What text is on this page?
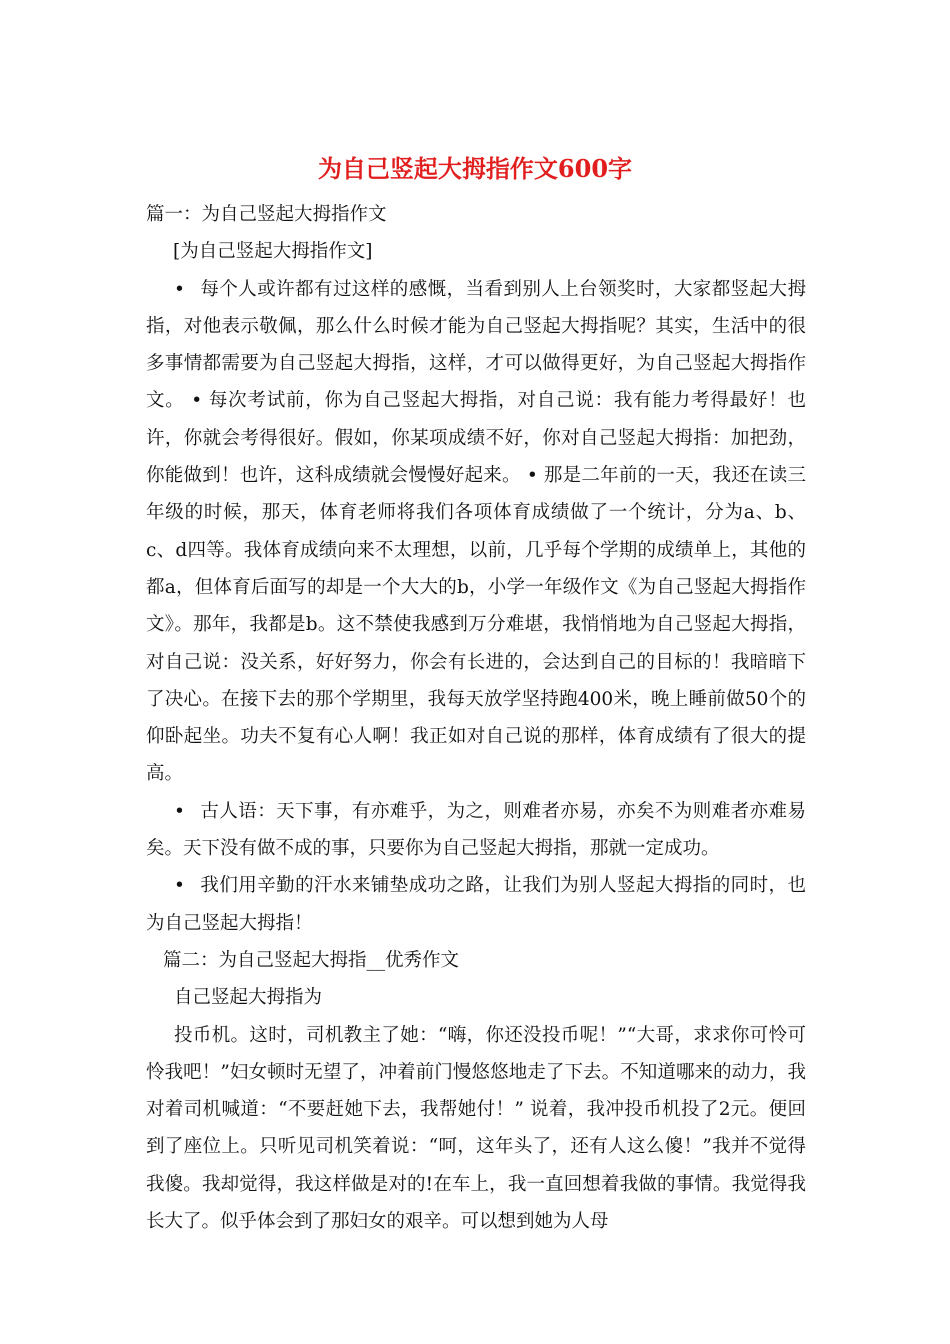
为自己竖起大拇指作文600字

篇一：为自己竖起大拇指作文

[为自己竖起大拇指作文]

• 每个人或许都有过这样的感慨，当看到别人上台领奖时，大家都竖起大拇指，对他表示敬佩，那么什么时候才能为自己竖起大拇指呢？其实，生活中的很多事情都需要为自己竖起大拇指，这样，才可以做得更好，为自己竖起大拇指作文。 • 每次考试前，你为自己竖起大拇指，对自己说：我有能力考得最好！也许，你就会考得很好。假如，你某项成绩不好，你对自己竖起大拇指：加把劲，你能做到！也许，这科成绩就会慢慢好起来。 • 那是二年前的一天，我还在读三年级的时候，那天，体育老师将我们各项体育成绩做了一个统计，分为a、b、c、d四等。我体育成绩向来不太理想，以前，几乎每个学期的成绩单上，其他的都a，但体育后面写的却是一个大大的b，小学一年级作文《为自己竖起大拇指作文》。那年，我都是b。这不禁使我感到万分难堪，我悄悄地为自己竖起大拇指，对自己说：没关系，好好努力，你会有长进的，会达到自己的目标的！我暗暗下了决心。在接下去的那个学期里，我每天放学坚持跑400米，晚上睡前做50个的仰卧起坐。功夫不复有心人啊！我正如对自己说的那样，体育成绩有了很大的提高。

• 古人语：天下事，有亦难乎，为之，则难者亦易，亦矣不为则难者亦难易矣。天下没有做不成的事，只要你为自己竖起大拇指，那就一定成功。

• 我们用辛勤的汗水来铺垫成功之路，让我们为别人竖起大拇指的同时，也为自己竖起大拇指！

篇二：为自己竖起大拇指__优秀作文

自己竖起大拇指为

投币机。这时，司机教主了她：“嗨，你还没投币呢！”“大哥，求求你可怜可怜我吧！”妇女顿时无望了，冲着前门慢悠悠地走了下去。不知道哪来的动力，我对着司机喊道：“不要赶她下去，我帮她付！” 说着，我冲投币机投了2元。便回到了座位上。只听见司机笑着说：“呵，这年头了，还有人这么傻！”我并不觉得我傻。我却觉得，我这样做是对的!在车上，我一直回想着我做的事情。我觉得我长大了。似乎体会到了那妇女的艰辛。可以想到她为人母
